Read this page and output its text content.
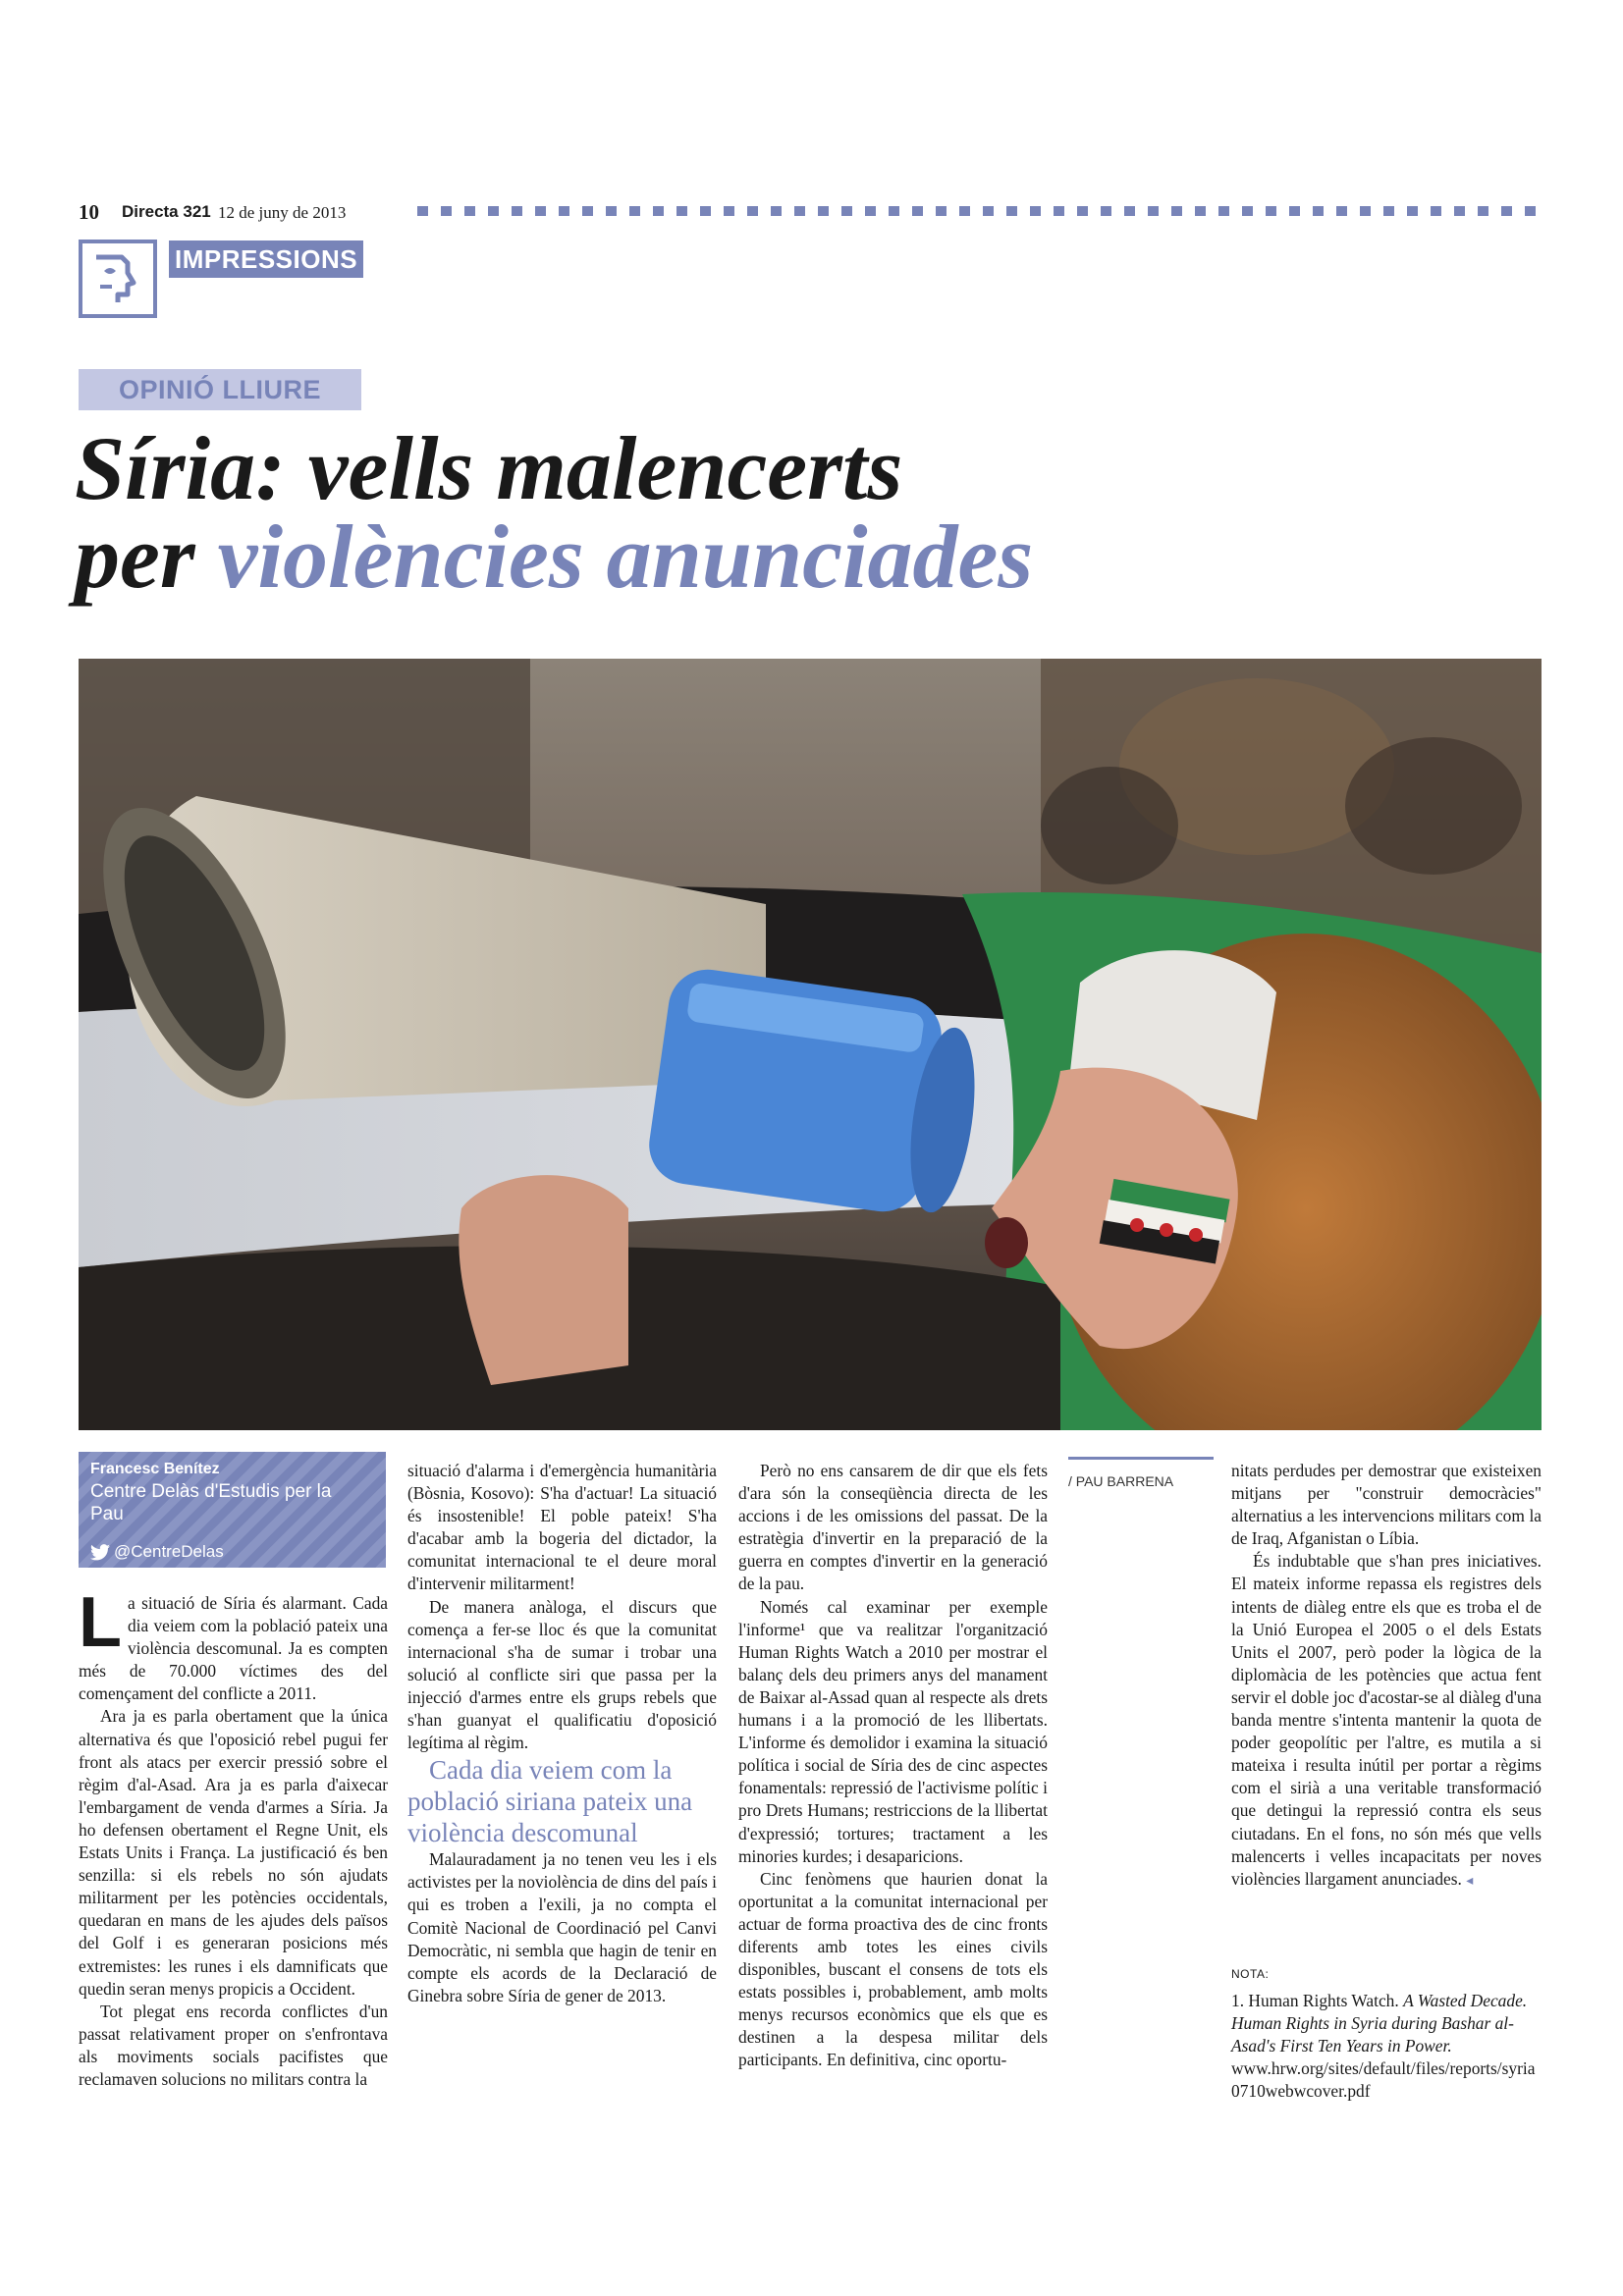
10 Directa 321 12 de juny de 2013
IMPRESSIONS
OPINIÓ LLIURE
Síria: vells malencerts
per violències anunciades
Francesc Benítez
Centre Delàs d'Estudis per la Pau
@CentreDelas
/ PAU BARRENA

La situació de Síria és alarmant. Cada dia veiem com la població pateix una violència descomunal. Ja es compten més de 70.000 víctimes des del començament del conflicte a 2011.

Ara ja es parla obertament que la única alternativa és que l'oposició rebel pugui fer front als atacs per exercir pressió sobre el règim d'al-Asad. Ara ja es parla d'aixecar l'embargament de venda d'armes a Síria. Ja ho defensen obertament el Regne Unit, els Estats Units i França. La justificació és ben senzilla: si els rebels no són ajudats militarment per les potències occidentals, quedaran en mans de les ajudes dels països del Golf i es generaran posicions més extremistes: les runes i els damnificats que quedin seran menys propicis a Occident.

Tot plegat ens recorda conflictes d'un passat relativament proper on s'enfrontava als moviments socials pacifistes que reclamaven solucions no militars contra la

situació d'alarma i d'emergència humanitària (Bòsnia, Kosovo): S'ha d'actuar! La situació és insostenible! El poble pateix! S'ha d'acabar amb la bogeria del dictador, la comunitat internacional te el deure moral d'intervenir militarment!

De manera anàloga, el discurs que comença a fer-se lloc és que la comunitat internacional s'ha de sumar i trobar una solució al conflicte siri que passa per la injecció d'armes entre els grups rebels que s'han guanyat el qualificatiu d'oposició legítima al règim.

Cada dia veiem com la població siriana pateix una violència descomunal

Malauradament ja no tenen veu les i els activistes per la noviolència de dins del país i qui es troben a l'exili, ja no compta el Comitè Nacional de Coordinació pel Canvi Democràtic, ni sembla que hagin de tenir en compte els acords de la Declaració de Ginebra sobre Síria de gener de 2013.

Però no ens cansarem de dir que els fets d'ara són la conseqüència directa de les accions i de les omissions del passat. De la estratègia d'invertir en la preparació de la guerra en comptes d'invertir en la generació de la pau.

Només cal examinar per exemple l'informe¹ que va realitzar l'organització Human Rights Watch a 2010 per mostrar el balanç dels deu primers anys del manament de Baixar al-Assad quan al respecte als drets humans i a la promoció de les llibertats. L'informe és demolidor i examina la situació política i social de Síria des de cinc aspectes fonamentals: repressió de l'activisme polític i pro Drets Humans; restriccions de la llibertat d'expressió; tortures; tractament a les minories kurdes; i desaparicions.

Cinc fenòmens que haurien donat la oportunitat a la comunitat internacional per actuar de forma proactiva des de cinc fronts diferents amb totes les eines civils disponibles, buscant el consens de tots els estats possibles i, probablement, amb molts menys recursos econòmics que els que es destinen a la despesa militar dels participants. En definitiva, cinc oportu-

nitats perdudes per demostrar que existeixen mitjans per "construir democràcies" alternatius a les intervencions militars com la de Iraq, Afganistan o Líbia.

És indubtable que s'han pres iniciatives. El mateix informe repassa els registres dels intents de diàleg entre els que es troba el de la Unió Europea el 2005 o el dels Estats Units el 2007, però poder la lògica de la diplomàcia de les potències que actua fent servir el doble joc d'acostar-se al diàleg d'una banda mentre s'intenta mantenir la quota de poder geopolític per l'altre, es mutila a si mateixa i resulta inútil per portar a règims com el sirià a una veritable transformació que detingui la repressió contra els seus ciutadans. En el fons, no són més que vells malencerts i velles incapacitats per noves violències llargament anunciades. ◂

NOTA:
1. Human Rights Watch. A Wasted Decade. Human Rights in Syria during Bashar al-Asad's First Ten Years in Power.
www.hrw.org/sites/default/files/reports/syria0710webwcover.pdf
